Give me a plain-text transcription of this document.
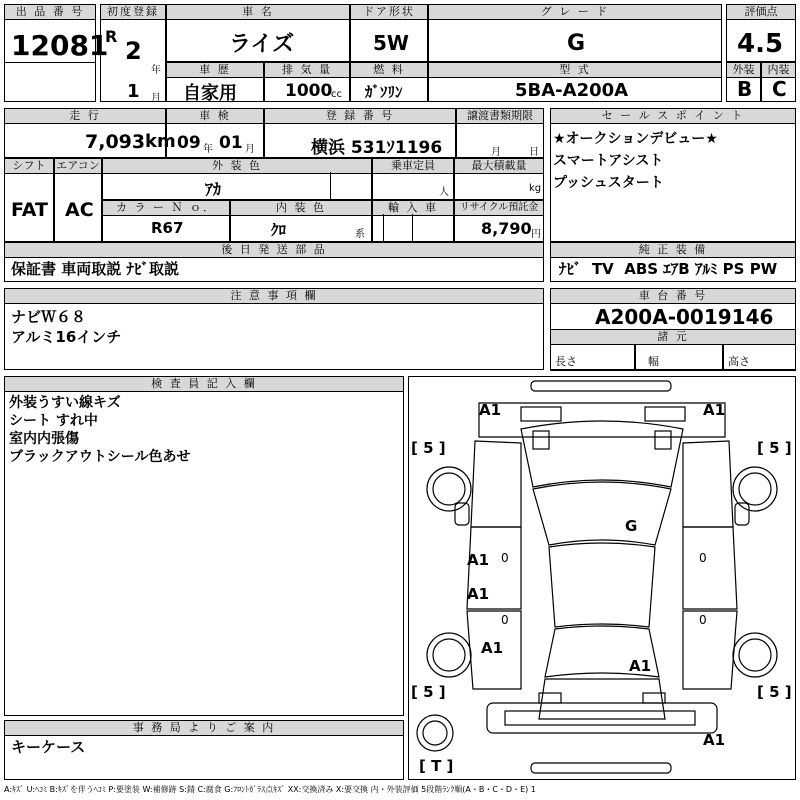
出 品 番 号
12081
初度登録
R
2
年
1 月
車 名
ライズ
車 歴
自家用
排 気 量
1000
cc
ドア形状
5W
燃 料
ｶﾞｿﾘﾝ
グ レ ー ド
G
型 式
5BA-A200A
評価点
4.5
外装
B
内装
C
走 行
7,093 km
車 検
09 年 01 月
登 録 番 号
横浜 531ｿ1196
譲渡書類期限
月	日
シフト
FAT
エアコン
AC
外 装 色
ｱｶ
乗車定員
人
最大積載量
kg
カ ラ ー Ｎ ｏ．
R67
内 装 色
ｸﾛ	系
輸 入 車	リサイクル預託金
8,790 円
セ ー ル ス ポ イ ン ト
★オークションデビュー★
スマートアシスト
プッシュスタート
後 日 発 送 部 品
保証書 車両取説 ﾅﾋﾞ取説
純 正 装 備
ﾅﾋﾞ  TV  ABS ｴｱB ｱﾙﾐ PS PW
注 意 事 項 欄
ナビＷ６８
アルミ16インチ
車 台 番 号
A200A-0019146
諸 元
長さ	幅	高さ
検 査 員 記 入 欄
外装うすい線キズ
シート すれ中
室内内張傷
ブラックアウトシール色あせ
事 務 局 よ り ご 案 内
キーケース
A1	A1
[ 5 ]	[ 5 ]
G
A1 0	0
A1
0	0
A1
A1
[ 5 ]	[ 5 ]
A1
[ T ]
A:ｷｽﾞ U:ﾍｺﾐ B:ｷｽﾞを伴うﾍｺﾐ P:要塗装 W:補修跡 S:錆 C:腐食 G:ﾌﾛﾝﾄｶﾞﾗｽ点ｷｽﾞ XX:交換済み X:要交換 内・外装評価 5段階ﾗﾝｸ順(A・B・C・D・E) 1
